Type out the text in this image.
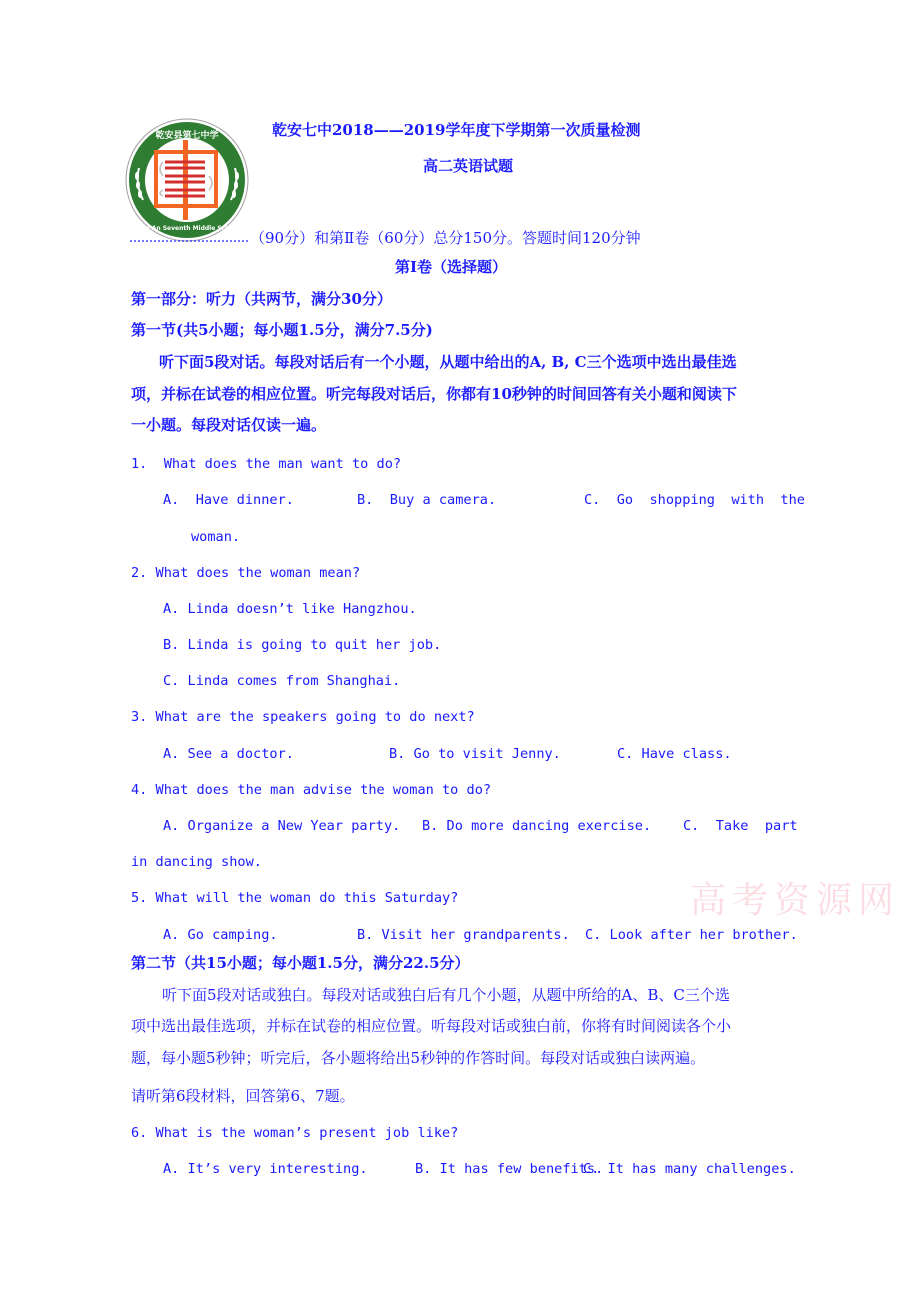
乾安县第七中学
Qian An Seventh Middle School
乾安七中2018——2019学年度下学期第一次质量检测
高二英语试题
（90分）和第Ⅱ卷（60分）总分150分。答题时间120分钟
第Ⅰ卷（选择题）
第一部分：听力（共两节，满分30分）
第一节(共5小题；每小题1.5分，满分7.5分)
听下面5段对话。每段对话后有一个小题，从题中给出的A, B, C三个选项中选出最佳选
项，并标在试卷的相应位置。听完每段对话后，你都有10秒钟的时间回答有关小题和阅读下
一小题。每段对话仅读一遍。
1.  What does the man want to do?
A.  Have dinner.	B.  Buy a camera.	C.  Go  shopping  with  the
woman.
2. What does the woman mean?
A. Linda doesn’t like Hangzhou.
B. Linda is going to quit her job.
C. Linda comes from Shanghai.
3. What are the speakers going to do next?
A. See a doctor.	B. Go to visit Jenny.	C. Have class.
4. What does the man advise the woman to do?
A. Organize a New Year party. B. Do more dancing exercise. C.  Take  part
in dancing show.
5. What will the woman do this Saturday?
A. Go camping.	B. Visit her grandparents. C. Look after her brother.
高考资源网
第二节（共15小题；每小题1.5分，满分22.5分）
听下面5段对话或独白。每段对话或独白后有几个小题，从题中所给的A、B、C三个选
项中选出最佳选项，并标在试卷的相应位置。听每段对话或独白前，你将有时间阅读各个小
题，每小题5秒钟；听完后，各小题将给出5秒钟的作答时间。每段对话或独白读两遍。
请听第6段材料，回答第6、7题。
6. What is the woman’s present job like?
A. It’s very interesting.	B. It has few benefits.
C. It has many challenges.
